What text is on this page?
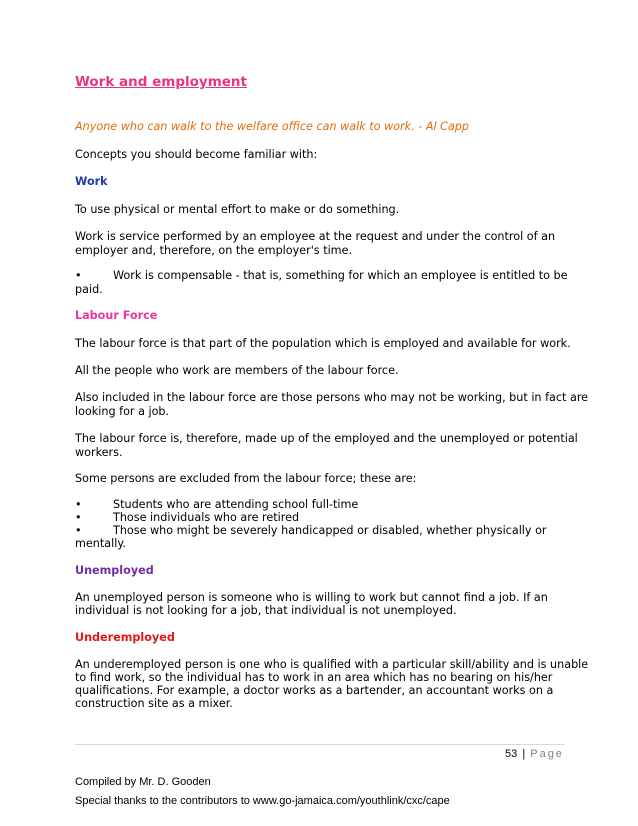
Work and employment
Anyone who can walk to the welfare office can walk to work. - Al Capp
Concepts you should become familiar with:
Work
To use physical or mental effort to make or do something.
Work is service performed by an employee at the request and under the control of an
employer and, therefore, on the employer's time.
•	Work is compensable - that is, something for which an employee is entitled to be
paid.
Labour Force
The labour force is that part of the population which is employed and available for work.
All the people who work are members of the labour force.
Also included in the labour force are those persons who may not be working, but in fact are
looking for a job.
The labour force is, therefore, made up of the employed and the unemployed or potential
workers.
Some persons are excluded from the labour force; these are:
•	Students who are attending school full-time
•	Those individuals who are retired
•	Those who might be severely handicapped or disabled, whether physically or
mentally.
Unemployed
An unemployed person is someone who is willing to work but cannot find a job. If an
individual is not looking for a job, that individual is not unemployed.
Underemployed
An underemployed person is one who is qualified with a particular skill/ability and is unable
to find work, so the individual has to work in an area which has no bearing on his/her
qualifications. For example, a doctor works as a bartender, an accountant works on a
construction site as a mixer.
53 | Page
Compiled by Mr. D. Gooden
Special thanks to the contributors to www.go-jamaica.com/youthlink/cxc/cape
